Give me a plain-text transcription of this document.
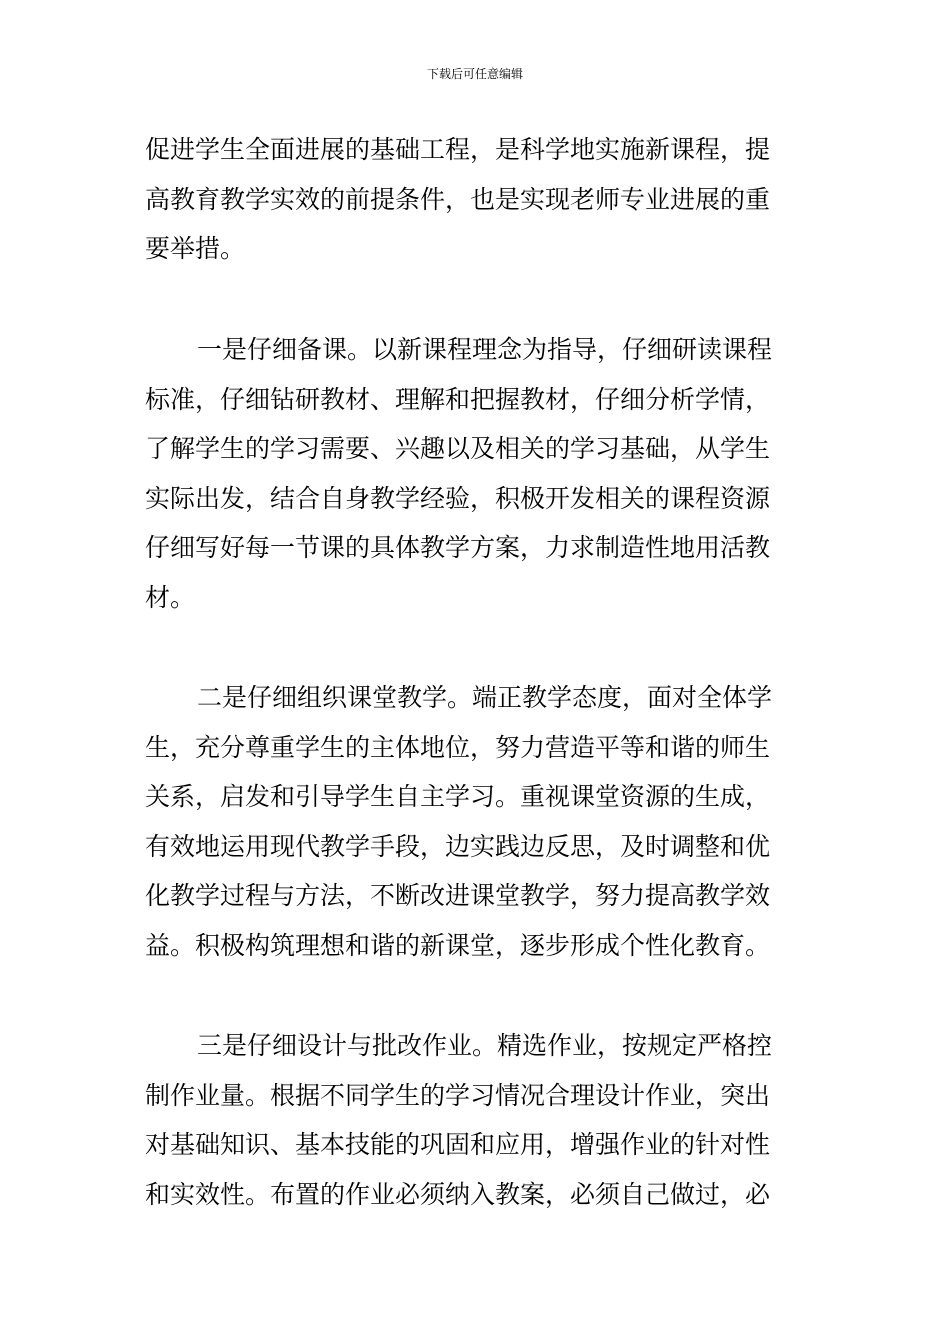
下载后可任意编辑
促进学生全面进展的基础工程，是科学地实施新课程，提
高教育教学实效的前提条件，也是实现老师专业进展的重
要举措。
一是仔细备课。以新课程理念为指导，仔细研读课程
标准，仔细钻研教材、理解和把握教材，仔细分析学情，
了解学生的学习需要、兴趣以及相关的学习基础，从学生
实际出发，结合自身教学经验，积极开发相关的课程资源
仔细写好每一节课的具体教学方案，力求制造性地用活教
材。
二是仔细组织课堂教学。端正教学态度，面对全体学
生，充分尊重学生的主体地位，努力营造平等和谐的师生
关系，启发和引导学生自主学习。重视课堂资源的生成，
有效地运用现代教学手段，边实践边反思，及时调整和优
化教学过程与方法，不断改进课堂教学，努力提高教学效
益。积极构筑理想和谐的新课堂，逐步形成个性化教育。
三是仔细设计与批改作业。精选作业，按规定严格控
制作业量。根据不同学生的学习情况合理设计作业，突出
对基础知识、基本技能的巩固和应用，增强作业的针对性
和实效性。布置的作业必须纳入教案，必须自己做过，必
